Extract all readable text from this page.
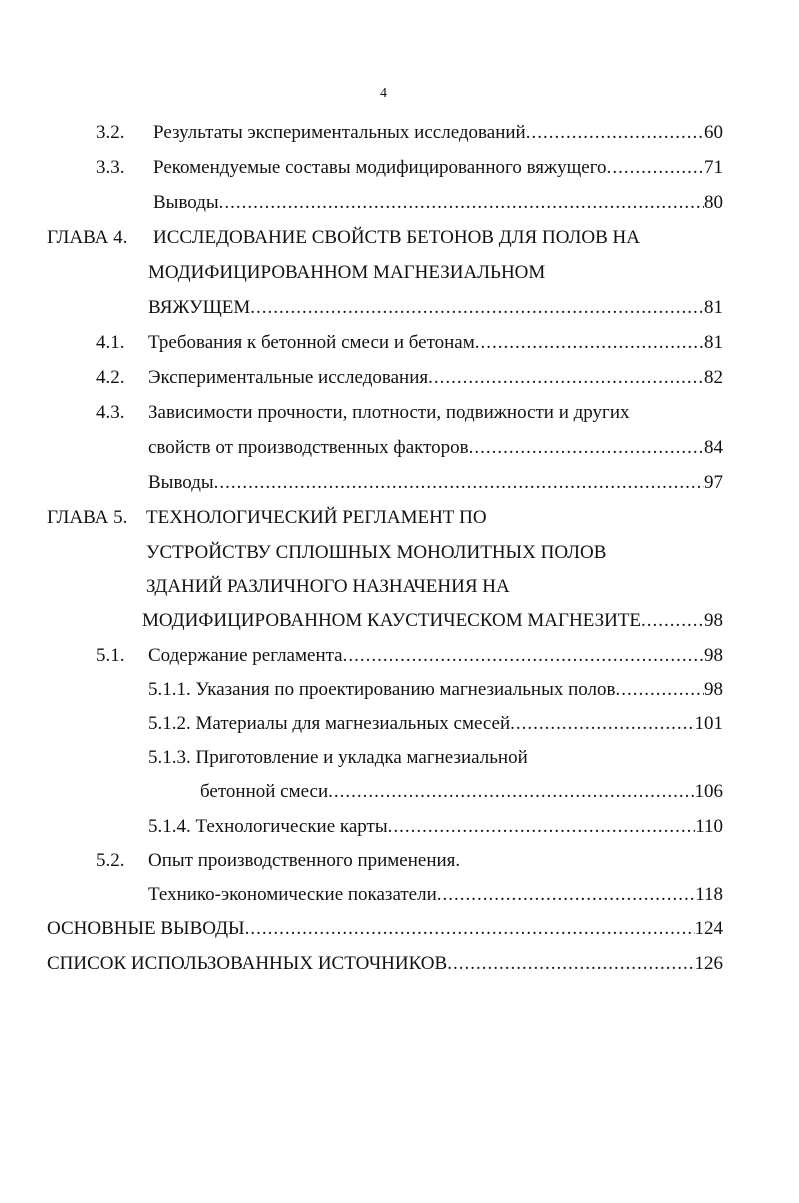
4
3.2. Результаты экспериментальных исследований .....	60
3.3. Рекомендуемые составы модифицированного вяжущего .....	71
Выводы .....	80
ГЛАВА 4. ИССЛЕДОВАНИЕ СВОЙСТВ БЕТОНОВ ДЛЯ ПОЛОВ НА
МОДИФИЦИРОВАННОМ МАГНЕЗИАЛЬНОМ
ВЯЖУЩЕМ .....	81
4.1. Требования к бетонной смеси и бетонам .....	81
4.2. Экспериментальные исследования .....	82
4.3. Зависимости прочности, плотности, подвижности и других
свойств от производственных факторов .....	84
Выводы .....	97
ГЛАВА 5. ТЕХНОЛОГИЧЕСКИЙ РЕГЛАМЕНТ ПО
УСТРОЙСТВУ СПЛОШНЫХ МОНОЛИТНЫХ ПОЛОВ
ЗДАНИЙ РАЗЛИЧНОГО НАЗНАЧЕНИЯ НА
МОДИФИЦИРОВАННОМ КАУСТИЧЕСКОМ МАГНЕЗИТЕ .....	98
5.1. Содержание регламента .....	98
5.1.1. Указания по проектированию магнезиальных полов .....	98
5.1.2. Материалы для магнезиальных смесей .....	101
5.1.3. Приготовление и укладка магнезиальной
бетонной смеси .....	106
5.1.4. Технологические карты .....	110
5.2. Опыт производственного применения.
Технико-экономические показатели .....	118
ОСНОВНЫЕ ВЫВОДЫ .....	124
СПИСОК ИСПОЛЬЗОВАННЫХ ИСТОЧНИКОВ .....	126
